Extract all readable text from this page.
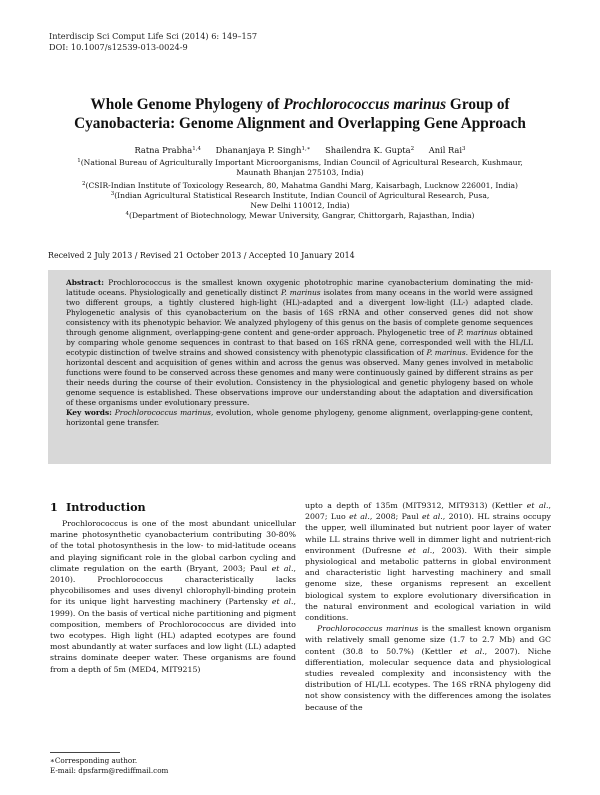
Interdiscip Sci Comput Life Sci (2014) 6: 149–157
DOI: 10.1007/s12539-013-0024-9
Whole Genome Phylogeny of Prochlorococcus marinus Group of
Cyanobacteria: Genome Alignment and Overlapping Gene Approach
Ratna Prabha$^{1,4}$ Dhananjaya P. Singh$^{1,∗}$ Shailendra K. Gupta$^2$ Anil Rai$^3$
$^1$(National Bureau of Agriculturally Important Microorganisms, Indian Council of Agricultural Research, Kushmaur,
Maunath Bhanjan 275103, India)
$^2$(CSIR-Indian Institute of Toxicology Research, 80, Mahatma Gandhi Marg, Kaisarbagh, Lucknow 226001, India)
$^3$(Indian Agricultural Statistical Research Institute, Indian Council of Agricultural Research, Pusa,
New Delhi 110012, India)
$^4$(Department of Biotechnology, Mewar University, Gangrar, Chittorgarh, Rajasthan, India)
Received 2 July 2013 / Revised 21 October 2013 / Accepted 10 January 2014

Abstract: Prochlorococcus is the smallest known oxygenic phototrophic marine cyanobacterium dominating the mid-latitude oceans. Physiologically and genetically distinct P. marinus isolates from many oceans in the world were assigned two different groups, a tightly clustered high-light (HL)-adapted and a divergent low-light (LL-) adapted clade. Phylogenetic analysis of this cyanobacterium on the basis of 16S rRNA and other conserved genes did not show consistency with its phenotypic behavior. We analyzed phylogeny of this genus on the basis of complete genome sequences through genome alignment, overlapping-gene content and gene-order approach. Phylogenetic tree of P. marinus obtained by comparing whole genome sequences in contrast to that based on 16S rRNA gene, corresponded well with the HL/LL ecotypic distinction of twelve strains and showed consistency with phenotypic classification of P. marinus. Evidence for the horizontal descent and acquisition of genes within and across the genus was observed. Many genes involved in metabolic functions were found to be conserved across these genomes and many were continuously gained by different strains as per their needs during the course of their evolution. Consistency in the physiological and genetic phylogeny based on whole genome sequence is established. These observations improve our understanding about the adaptation and diversification of these organisms under evolutionary pressure.

Key words: Prochlorococcus marinus, evolution, whole genome phylogeny, genome alignment, overlapping-gene content, horizontal gene transfer.

1 Introduction

Prochlorococcus is one of the most abundant unicellular marine photosynthetic cyanobacterium contributing 30-80% of the total photosynthesis in the low- to mid-latitude oceans and playing significant role in the global carbon cycling and climate regulation on the earth (Bryant, 2003; Paul et al., 2010). Prochlorococcus characteristically lacks phycobilisomes and uses divenyl chlorophyll-binding protein for its unique light harvesting machinery (Partensky et al., 1999). On the basis of vertical niche partitioning and pigment composition, members of Prochlorococcus are divided into two ecotypes. High light (HL) adapted ecotypes are found most abundantly at water surfaces and low light (LL) adapted strains dominate deeper water. These organisms are found from a depth of 5m (MED4, MIT9215)

upto a depth of 135m (MIT9312, MIT9313) (Kettler et al., 2007; Luo et al., 2008; Paul et al., 2010). HL strains occupy the upper, well illuminated but nutrient poor layer of water while LL strains thrive well in dimmer light and nutrient-rich environment (Dufresne et al., 2003). With their simple physiological and metabolic patterns in global environment and characteristic light harvesting machinery and small genome size, these organisms represent an excellent biological system to explore evolutionary diversification in the natural environment and ecological variation in wild conditions.

Prochlorococcus marinus is the smallest known organism with relatively small genome size (1.7 to 2.7 Mb) and GC content (30.8 to 50.7%) (Kettler et al., 2007). Niche differentiation, molecular sequence data and physiological studies revealed complexity and inconsistency with the distribution of HL/LL ecotypes. The 16S rRNA phylogeny did not show consistency with the differences among the isolates because of the

∗Corresponding author.
E-mail: dpsfarm@rediffmail.com
